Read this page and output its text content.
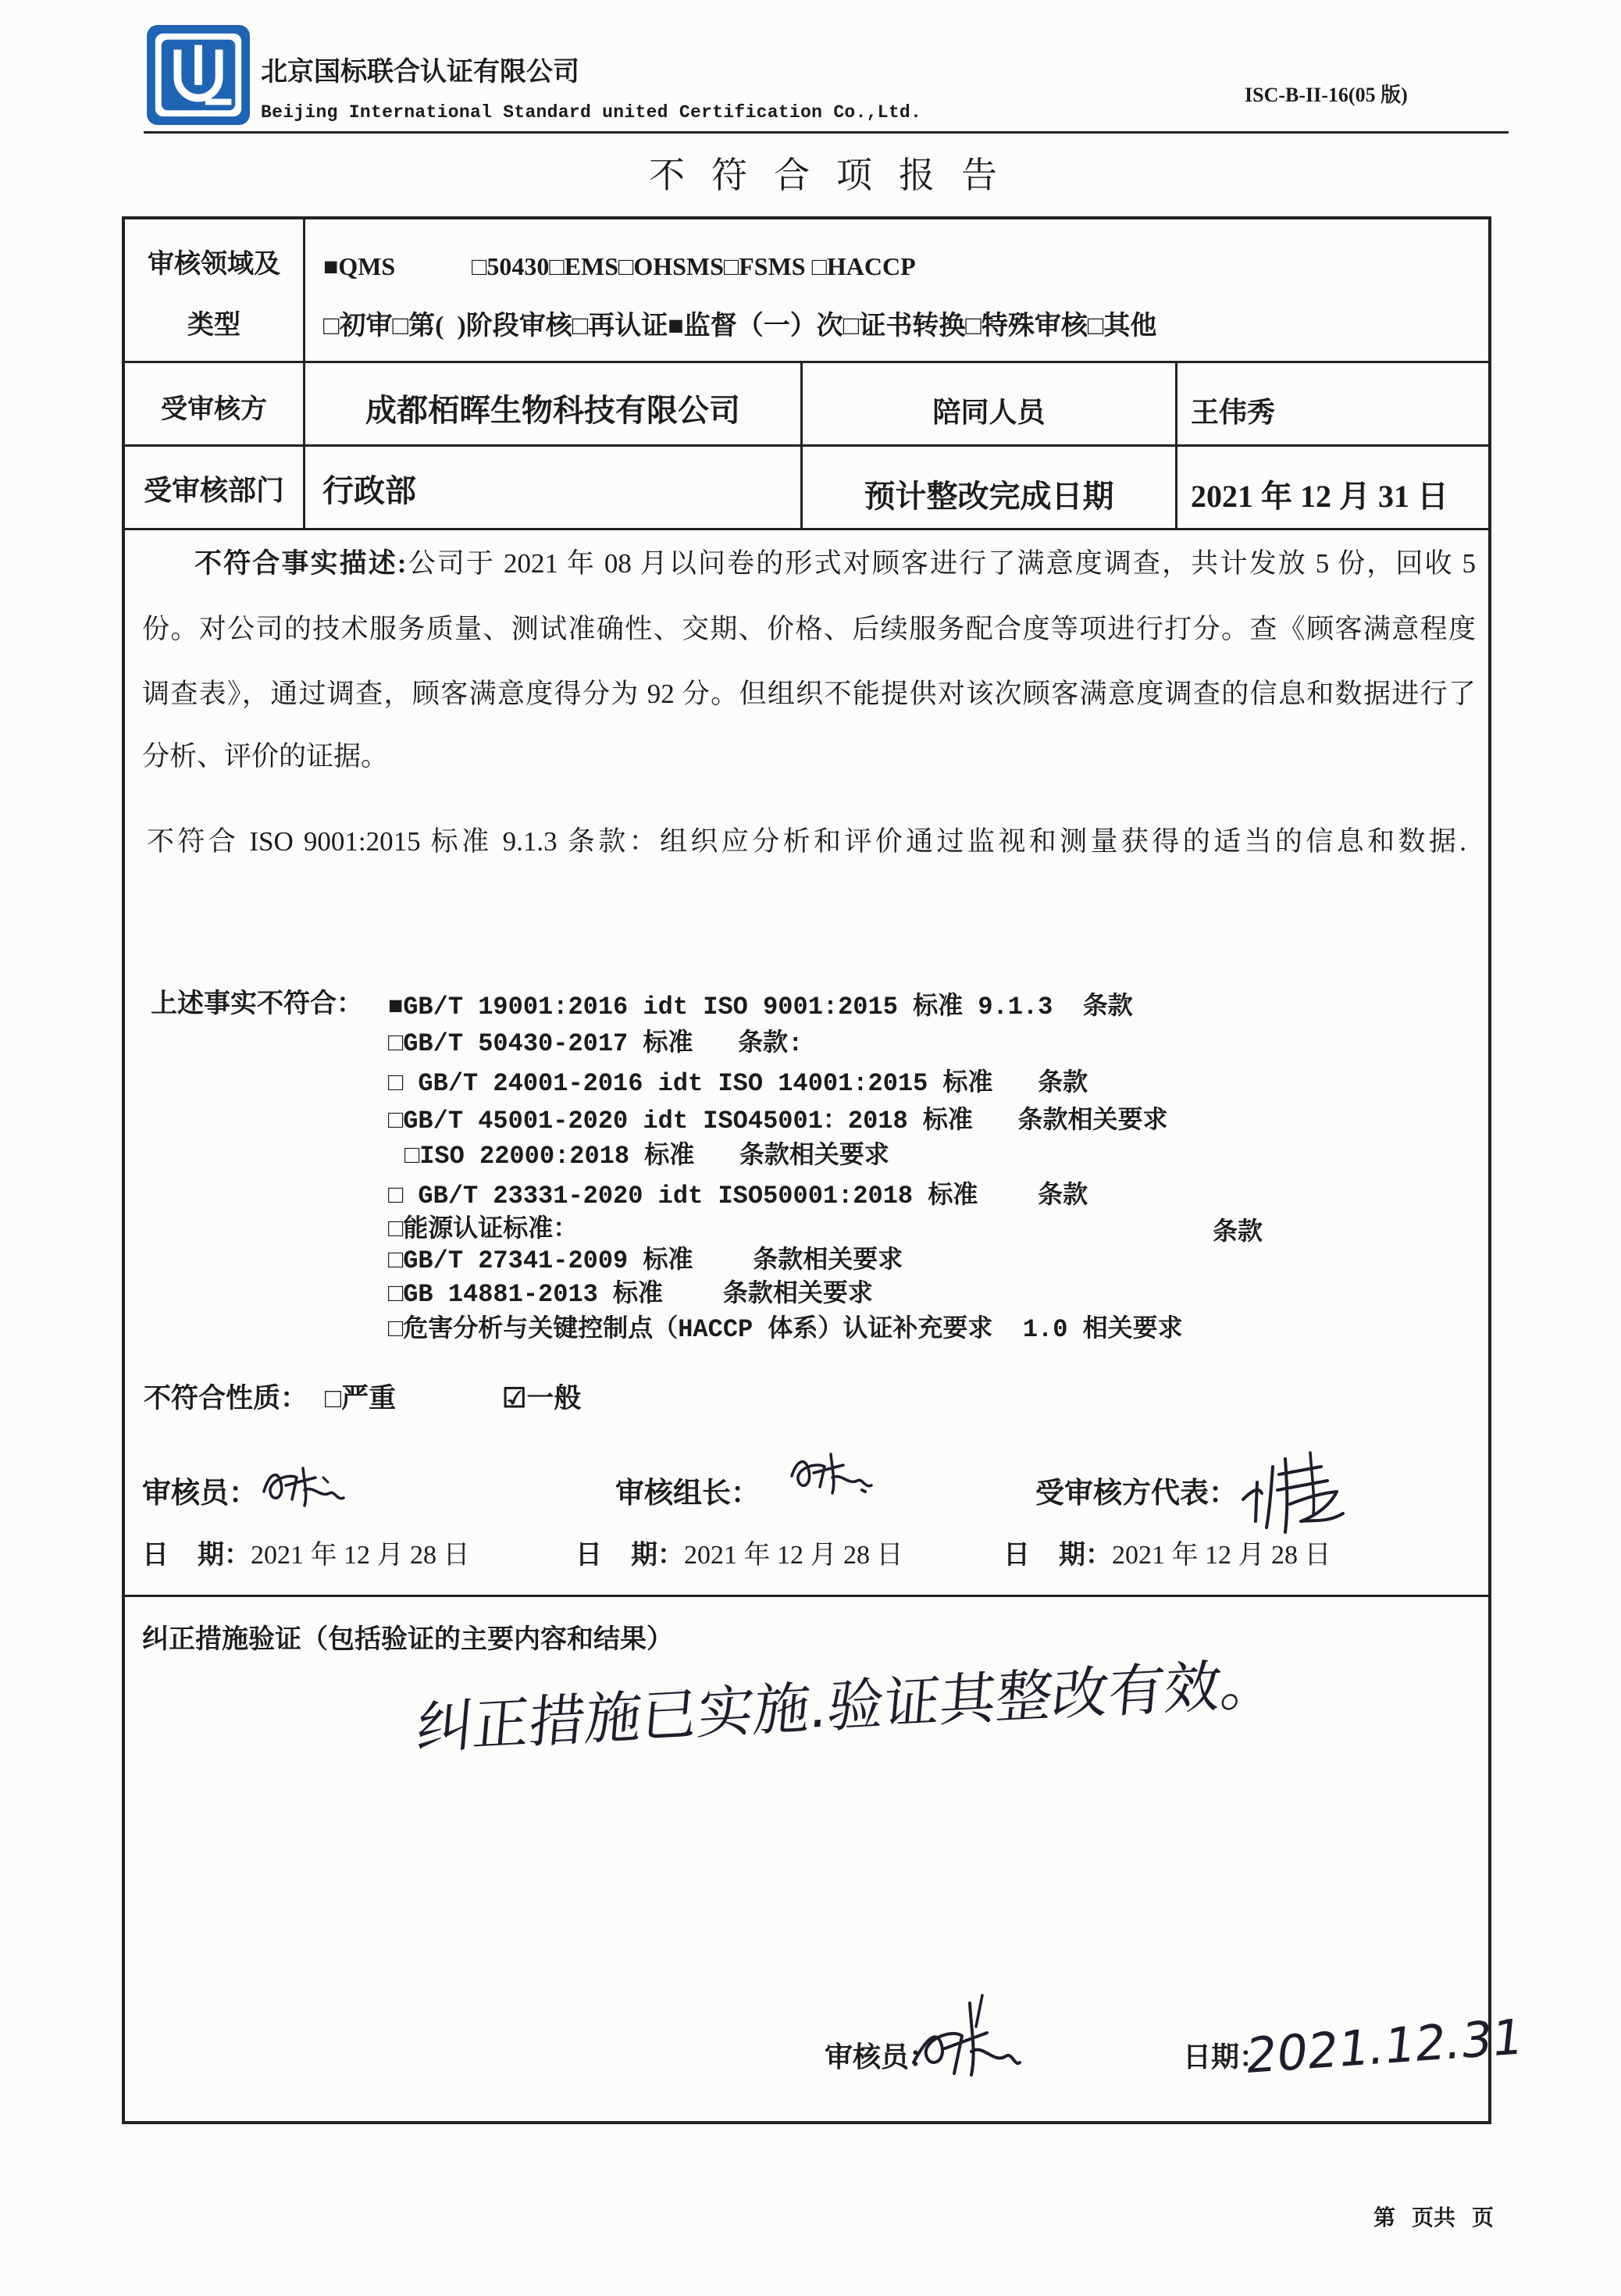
北京国标联合认证有限公司
Beijing International Standard united Certification Co.,Ltd.
ISC-B-II-16(05 版)
不符合项报告
审核领域及
类型
■QMS	□50430□EMS□OHSMS□FSMS □HACCP
□初审□第(  )阶段审核□再认证■监督（一）次□证书转换□特殊审核□其他
受审核方	成都栢晖生物科技有限公司	陪同人员	王伟秀
受审核部门	行政部	预计整改完成日期	2021 年 12 月 31 日
不符合事实描述:公司于 2021 年 08 月以问卷的形式对顾客进行了满意度调查，共计发放 5 份，回收 5
份。对公司的技术服务质量、测试准确性、交期、价格、后续服务配合度等项进行打分。查《顾客满意程度
调查表》，通过调查，顾客满意度得分为 92 分。但组织不能提供对该次顾客满意度调查的信息和数据进行了
分析、评价的证据。
不符合 ISO 9001:2015 标准 9.1.3 条款：组织应分析和评价通过监视和测量获得的适当的信息和数据.
上述事实不符合： ■GB/T 19001:2016 idt ISO 9001:2015 标准 9.1.3  条款
□GB/T 50430-2017 标准   条款:
□ GB/T 24001-2016 idt ISO 14001:2015 标准   条款
□GB/T 45001-2020 idt ISO45001：2018 标准   条款相关要求
□ISO 22000:2018 标准   条款相关要求
□ GB/T 23331-2020 idt ISO50001:2018 标准    条款
□能源认证标准：	条款
□GB/T 27341-2009 标准    条款相关要求
□GB 14881-2013 标准    条款相关要求
□危害分析与关键控制点（HACCP 体系）认证补充要求  1.0 相关要求
不符合性质： □严重	☑一般
审核员：	审核组长：	受审核方代表：
日  期：2021 年 12 月 28 日	日  期：2021 年 12 月 28 日	日  期：2021 年 12 月 28 日
纠正措施验证（包括验证的主要内容和结果）
纠正措施已实施.验证其整改有效。
审核员：	日期：
2021.12.31
第   页共   页
